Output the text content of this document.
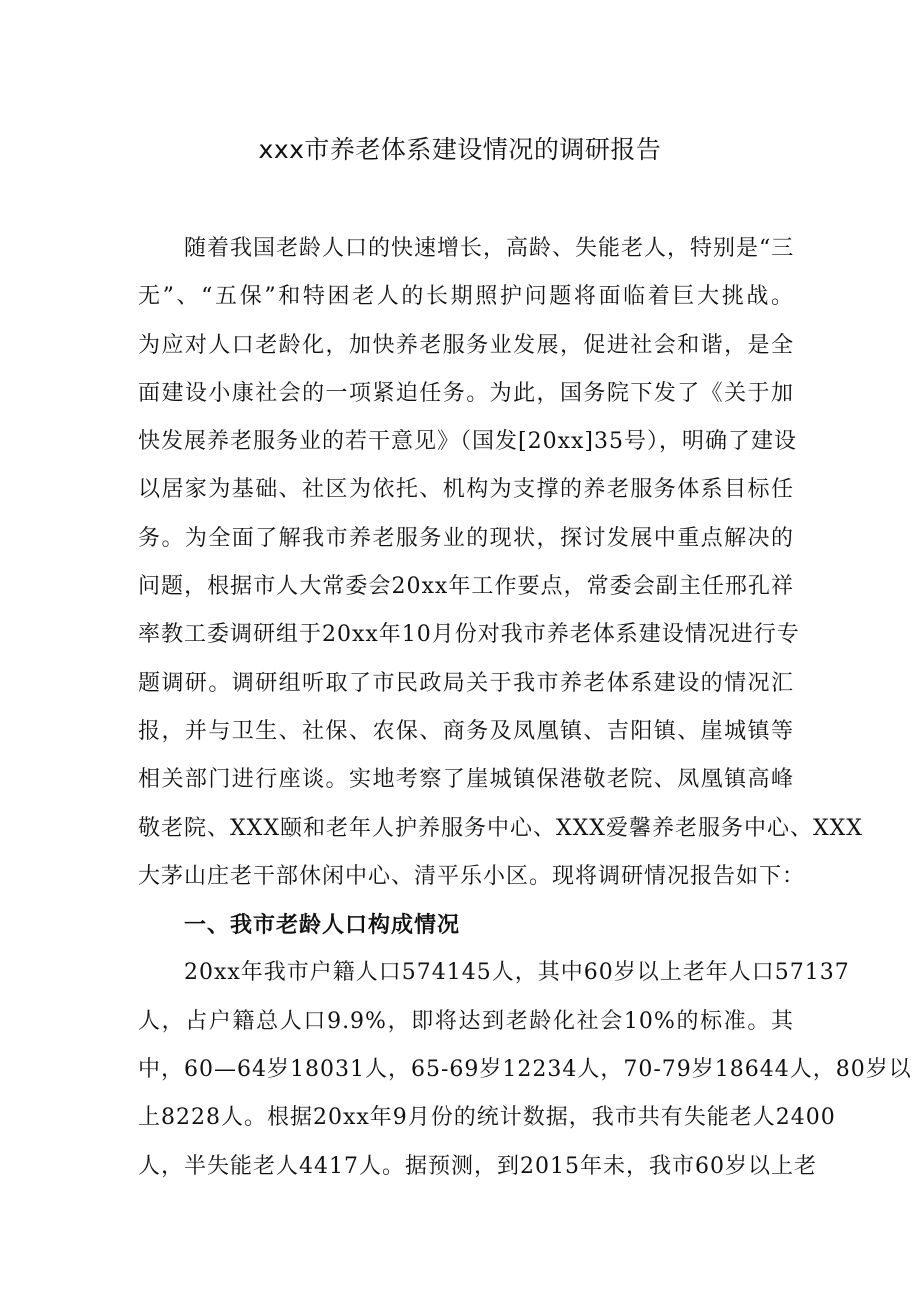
xxx市养老体系建设情况的调研报告
随着我国老龄人口的快速增长，高龄、失能老人，特别是“三
无”、“五保”和特困老人的长期照护问题将面临着巨大挑战。
为应对人口老龄化，加快养老服务业发展，促进社会和谐，是全
面建设小康社会的一项紧迫任务。为此，国务院下发了《关于加
快发展养老服务业的若干意见》（国发[20xx]35号），明确了建设
以居家为基础、社区为依托、机构为支撑的养老服务体系目标任
务。为全面了解我市养老服务业的现状，探讨发展中重点解决的
问题，根据市人大常委会20xx年工作要点，常委会副主任邢孔祥
率教工委调研组于20xx年10月份对我市养老体系建设情况进行专
题调研。调研组听取了市民政局关于我市养老体系建设的情况汇
报，并与卫生、社保、农保、商务及凤凰镇、吉阳镇、崖城镇等
相关部门进行座谈。实地考察了崖城镇保港敬老院、凤凰镇高峰
敬老院、XXX颐和老年人护养服务中心、XXX爱馨养老服务中心、XXX
大茅山庄老干部休闲中心、清平乐小区。现将调研情况报告如下：
一、我市老龄人口构成情况
20xx年我市户籍人口574145人，其中60岁以上老年人口57137
人，占户籍总人口9.9%，即将达到老龄化社会10%的标准。其
中，60—64岁18031人，65-69岁12234人，70-79岁18644人，80岁以
上8228人。根据20xx年9月份的统计数据，我市共有失能老人2400
人，半失能老人4417人。据预测，到2015年未，我市60岁以上老
